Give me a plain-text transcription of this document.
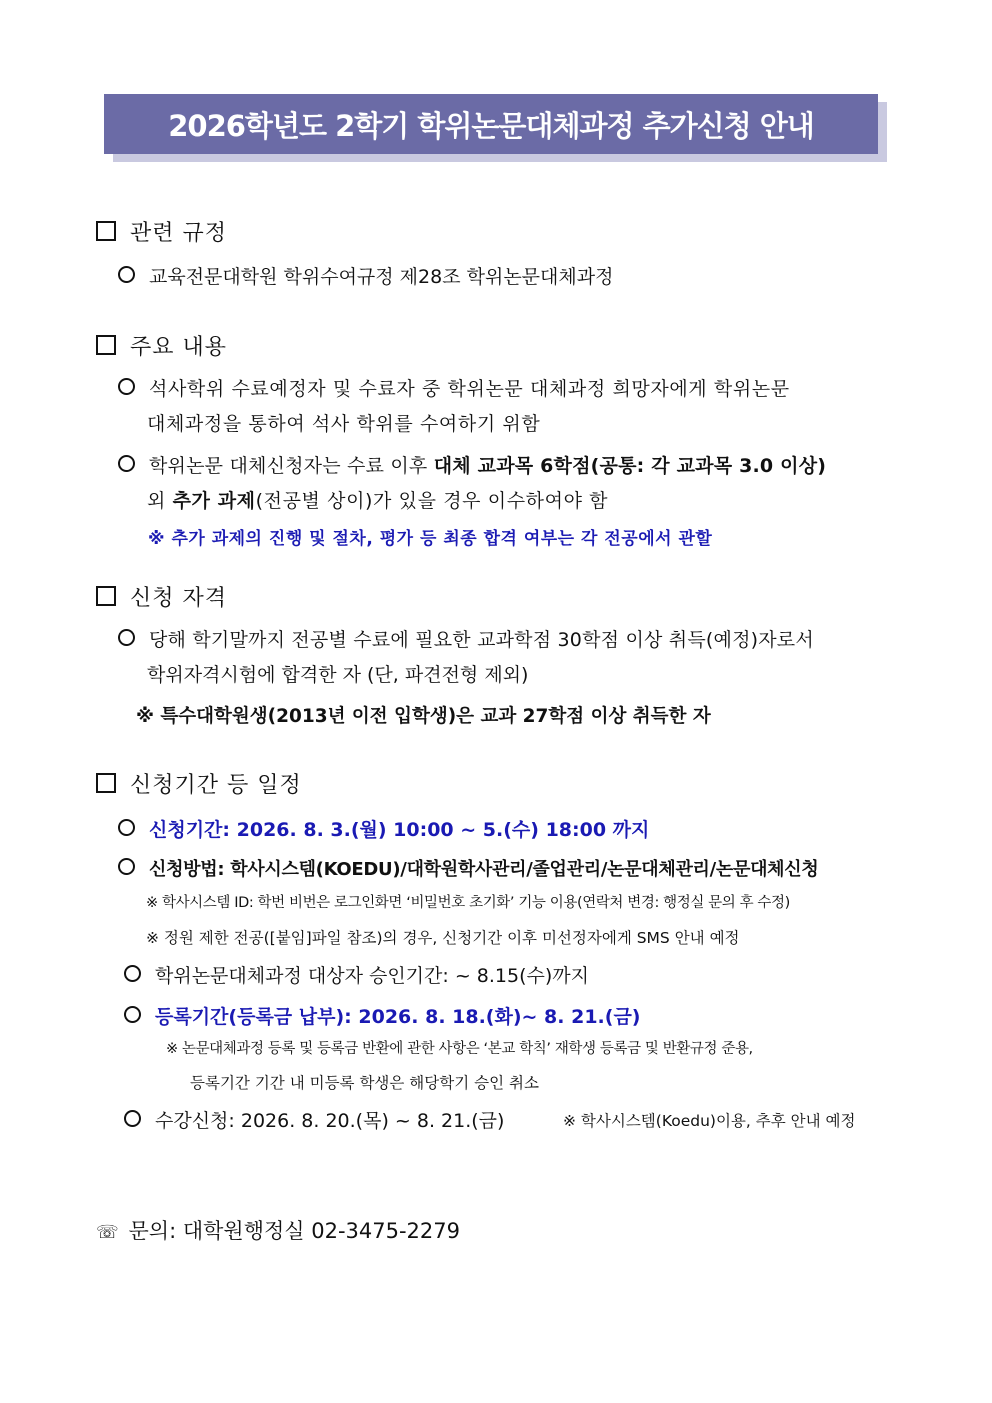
2026학년도 2학기 학위논문대체과정 추가신청 안내
관련 규정
교육전문대학원 학위수여규정 제28조 학위논문대체과정
주요 내용
석사학위 수료예정자 및 수료자 중 학위논문 대체과정 희망자에게 학위논문
대체과정을 통하여 석사 학위를 수여하기 위함
학위논문 대체신청자는 수료 이후 대체 교과목 6학점(공통: 각 교과목 3.0 이상)
외 추가 과제(전공별 상이)가 있을 경우 이수하여야 함
※ 추가 과제의 진행 및 절차, 평가 등 최종 합격 여부는 각 전공에서 관할
신청 자격
당해 학기말까지 전공별 수료에 필요한 교과학점 30학점 이상 취득(예정)자로서
학위자격시험에 합격한 자 (단, 파견전형 제외)
※ 특수대학원생(2013년 이전 입학생)은 교과 27학점 이상 취득한 자
신청기간 등 일정
신청기간: 2026. 8. 3.(월) 10:00 ~ 5.(수) 18:00 까지
신청방법: 학사시스템(KOEDU)/대학원학사관리/졸업관리/논문대체관리/논문대체신청
※ 학사시스템 ID: 학번 비번은 로그인화면 ‘비밀번호 초기화’ 기능 이용(연락처 변경: 행정실 문의 후 수정)
※ 정원 제한 전공([붙임]파일 참조)의 경우, 신청기간 이후 미선정자에게 SMS 안내 예정
학위논문대체과정 대상자 승인기간: ~ 8.15(수)까지
등록기간(등록금 납부): 2026. 8. 18.(화)~ 8. 21.(금)
※ 논문대체과정 등록 및 등록금 반환에 관한 사항은 ‘본교 학칙’ 재학생 등록금 및 반환규정 준용,
등록기간 기간 내 미등록 학생은 해당학기 승인 취소
수강신청: 2026. 8. 20.(목) ~ 8. 21.(금)	※ 학사시스템(Koedu)이용, 추후 안내 예정
☏ 문의: 대학원행정실 02-3475-2279
